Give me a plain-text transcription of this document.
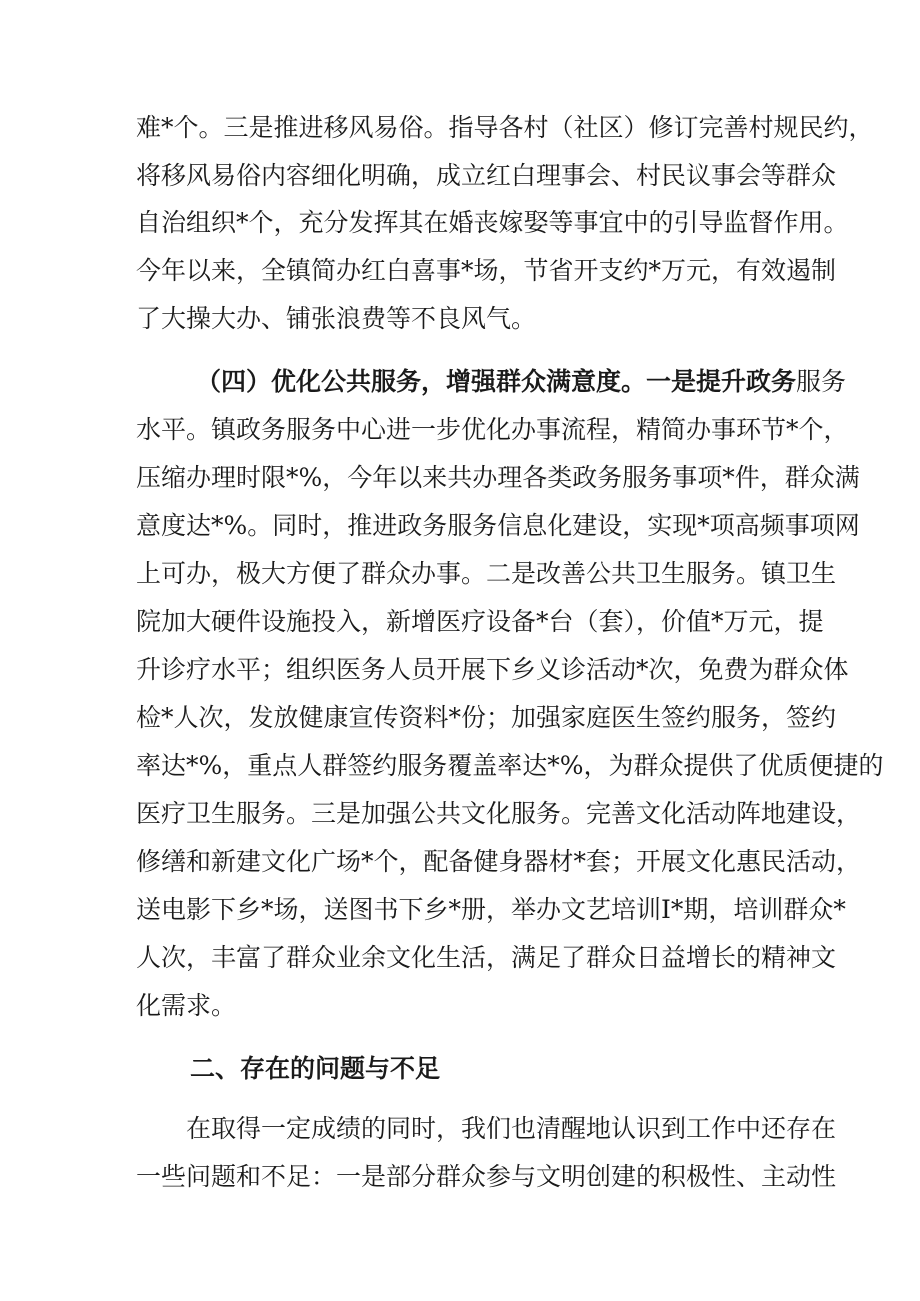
难*个。三是推进移风易俗。指导各村（社区）修订完善村规民约，
将移风易俗内容细化明确，成立红白理事会、村民议事会等群众
自治组织*个，充分发挥其在婚丧嫁娶等事宜中的引导监督作用。
今年以来，全镇简办红白喜事*场，节省开支约*万元，有效遏制
了大操大办、铺张浪费等不良风气。
（四）优化公共服务，增强群众满意度。一是提升政务服务
水平。镇政务服务中心进一步优化办事流程，精简办事环节*个，
压缩办理时限*%，今年以来共办理各类政务服务事项*件，群众满
意度达*%。同时，推进政务服务信息化建设，实现*项高频事项网
上可办，极大方便了群众办事。二是改善公共卫生服务。镇卫生
院加大硬件设施投入，新增医疗设备*台（套），价值*万元，提
升诊疗水平；组织医务人员开展下乡义诊活动*次，免费为群众体
检*人次，发放健康宣传资料*份；加强家庭医生签约服务，签约
率达*%，重点人群签约服务覆盖率达*%，为群众提供了优质便捷的
医疗卫生服务。三是加强公共文化服务。完善文化活动阵地建设，
修缮和新建文化广场*个，配备健身器材*套；开展文化惠民活动，
送电影下乡*场，送图书下乡*册，举办文艺培训I*期，培训群众*
人次，丰富了群众业余文化生活，满足了群众日益增长的精神文
化需求。
二、存在的问题与不足
在取得一定成绩的同时，我们也清醒地认识到工作中还存在
一些问题和不足：一是部分群众参与文明创建的积极性、主动性
